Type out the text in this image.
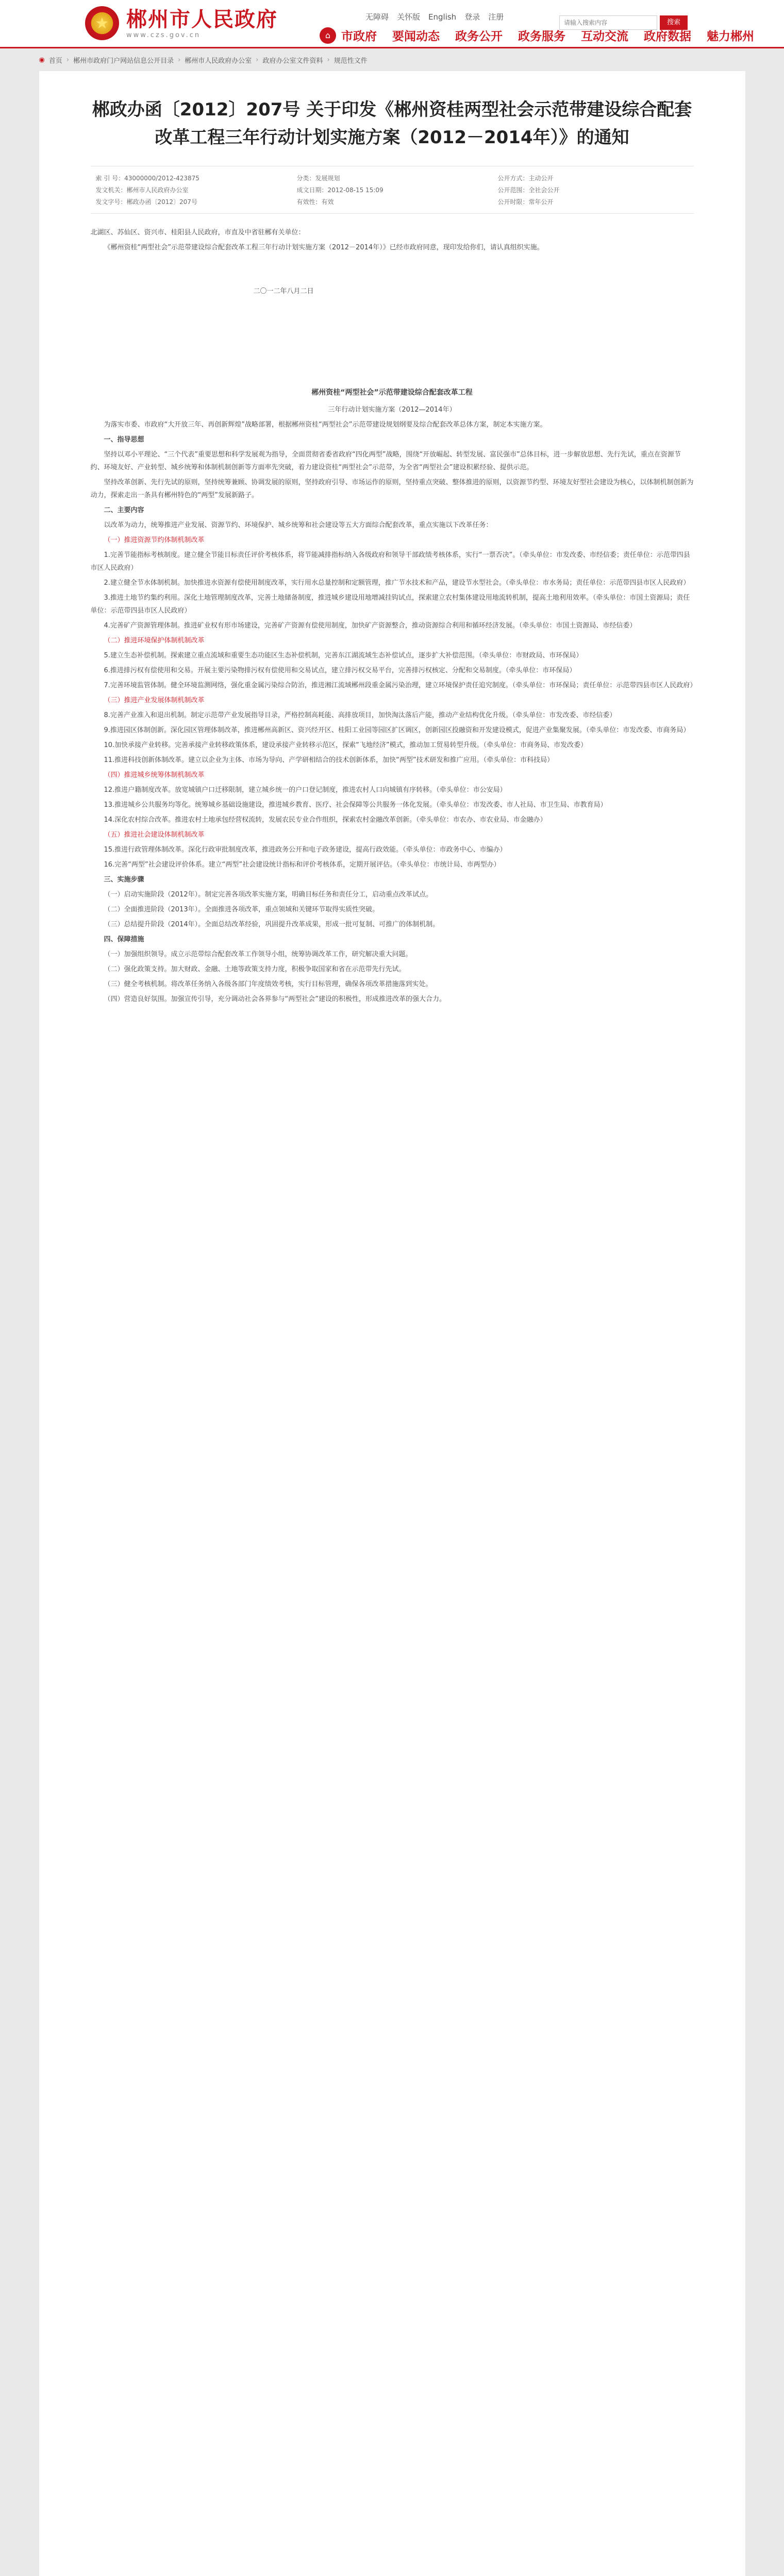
★ 郴州市人民政府
www.czs.gov.cn
无障碍 关怀版 English 登录 注册
请输入搜索内容
搜索
⌂ 市政府 要闻动态 政务公开 政务服务 互动交流 政府数据 魅力郴州
◉ 首页 › 郴州市政府门户网站信息公开目录 › 郴州市人民政府办公室 › 政府办公室文件资料 › 规范性文件
郴政办函〔2012〕207号 关于印发《郴州资桂两型社会示范带建设综合配套改革工程三年行动计划实施方案（2012－2014年）》的通知
索 引 号：43000000/2012-423875	分类：发展规划	公开方式：主动公开
发文机关：郴州市人民政府办公室	成文日期：2012-08-15 15:09	公开范围：全社会公开
发文字号：郴政办函〔2012〕207号	有效性：有效	公开时限：常年公开

北湖区、苏仙区、资兴市、桂阳县人民政府，市直及中省驻郴有关单位：

《郴州资桂“两型社会”示范带建设综合配套改革工程三年行动计划实施方案（2012－2014年）》已经市政府同意，现印发给你们，请认真组织实施。

二〇一二年八月二日

郴州资桂“两型社会”示范带建设综合配套改革工程

三年行动计划实施方案（2012—2014年）

为落实市委、市政府“大开放三年、再创新辉煌”战略部署，根据郴州资桂“两型社会”示范带建设规划纲要及综合配套改革总体方案，制定本实施方案。

一、指导思想

坚持以邓小平理论、“三个代表”重要思想和科学发展观为指导，全面贯彻省委省政府“四化两型”战略，围绕“开放崛起、转型发展、富民强市”总体目标，进一步解放思想、先行先试，重点在资源节约、环境友好、产业转型、城乡统筹和体制机制创新等方面率先突破，着力建设资桂“两型社会”示范带，为全省“两型社会”建设积累经验、提供示范。

坚持改革创新、先行先试的原则，坚持统筹兼顾、协调发展的原则，坚持政府引导、市场运作的原则，坚持重点突破、整体推进的原则，以资源节约型、环境友好型社会建设为核心，以体制机制创新为动力，探索走出一条具有郴州特色的“两型”发展新路子。

二、主要内容

以改革为动力，统筹推进产业发展、资源节约、环境保护、城乡统筹和社会建设等五大方面综合配套改革，重点实施以下改革任务：

（一）推进资源节约体制机制改革

1.完善节能指标考核制度。建立健全节能目标责任评价考核体系，将节能减排指标纳入各级政府和领导干部政绩考核体系，实行“一票否决”。（牵头单位：市发改委、市经信委；责任单位：示范带四县市区人民政府）

2.建立健全节水体制机制。加快推进水资源有偿使用制度改革，实行用水总量控制和定额管理，推广节水技术和产品，建设节水型社会。（牵头单位：市水务局；责任单位：示范带四县市区人民政府）

3.推进土地节约集约利用。深化土地管理制度改革，完善土地储备制度，推进城乡建设用地增减挂钩试点，探索建立农村集体建设用地流转机制，提高土地利用效率。（牵头单位：市国土资源局；责任单位：示范带四县市区人民政府）

4.完善矿产资源管理体制。推进矿业权有形市场建设，完善矿产资源有偿使用制度，加快矿产资源整合，推动资源综合利用和循环经济发展。（牵头单位：市国土资源局、市经信委）

（二）推进环境保护体制机制改革

5.建立生态补偿机制。探索建立重点流域和重要生态功能区生态补偿机制，完善东江湖流域生态补偿试点，逐步扩大补偿范围。（牵头单位：市财政局、市环保局）

6.推进排污权有偿使用和交易。开展主要污染物排污权有偿使用和交易试点，建立排污权交易平台，完善排污权核定、分配和交易制度。（牵头单位：市环保局）

7.完善环境监管体制。健全环境监测网络，强化重金属污染综合防治，推进湘江流域郴州段重金属污染治理，建立环境保护责任追究制度。（牵头单位：市环保局；责任单位：示范带四县市区人民政府）

（三）推进产业发展体制机制改革

8.完善产业准入和退出机制。制定示范带产业发展指导目录，严格控制高耗能、高排放项目，加快淘汰落后产能，推动产业结构优化升级。（牵头单位：市发改委、市经信委）

9.推进园区体制创新。深化园区管理体制改革，推进郴州高新区、资兴经开区、桂阳工业园等园区扩区调区，创新园区投融资和开发建设模式，促进产业集聚发展。（牵头单位：市发改委、市商务局）

10.加快承接产业转移。完善承接产业转移政策体系，建设承接产业转移示范区，探索“飞地经济”模式，推动加工贸易转型升级。（牵头单位：市商务局、市发改委）

11.推进科技创新体制改革。建立以企业为主体、市场为导向、产学研相结合的技术创新体系，加快“两型”技术研发和推广应用。（牵头单位：市科技局）

（四）推进城乡统筹体制机制改革

12.推进户籍制度改革。放宽城镇户口迁移限制，建立城乡统一的户口登记制度，推进农村人口向城镇有序转移。（牵头单位：市公安局）

13.推进城乡公共服务均等化。统筹城乡基础设施建设，推进城乡教育、医疗、社会保障等公共服务一体化发展。（牵头单位：市发改委、市人社局、市卫生局、市教育局）

14.深化农村综合改革。推进农村土地承包经营权流转，发展农民专业合作组织，探索农村金融改革创新。（牵头单位：市农办、市农业局、市金融办）

（五）推进社会建设体制机制改革

15.推进行政管理体制改革。深化行政审批制度改革，推进政务公开和电子政务建设，提高行政效能。（牵头单位：市政务中心、市编办）

16.完善“两型”社会建设评价体系。建立“两型”社会建设统计指标和评价考核体系，定期开展评估。（牵头单位：市统计局、市两型办）

三、实施步骤

（一）启动实施阶段（2012年）。制定完善各项改革实施方案，明确目标任务和责任分工，启动重点改革试点。

（二）全面推进阶段（2013年）。全面推进各项改革，重点领域和关键环节取得实质性突破。

（三）总结提升阶段（2014年）。全面总结改革经验，巩固提升改革成果，形成一批可复制、可推广的体制机制。

四、保障措施

（一）加强组织领导。成立示范带综合配套改革工作领导小组，统筹协调改革工作，研究解决重大问题。

（二）强化政策支持。加大财政、金融、土地等政策支持力度，积极争取国家和省在示范带先行先试。

（三）健全考核机制。将改革任务纳入各级各部门年度绩效考核，实行目标管理，确保各项改革措施落到实处。

（四）营造良好氛围。加强宣传引导，充分调动社会各界参与“两型社会”建设的积极性，形成推进改革的强大合力。
